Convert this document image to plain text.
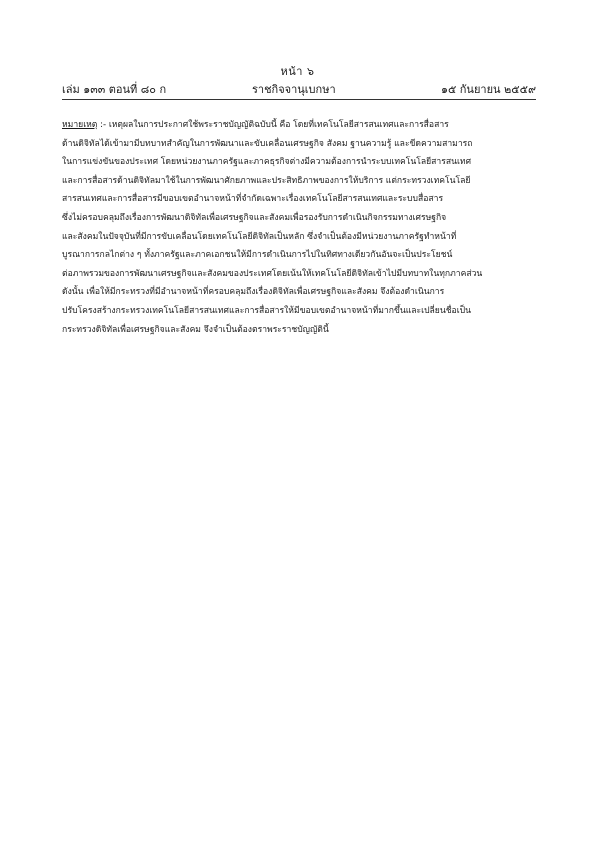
หน้า ๖
เล่ม ๑๓๓ ตอนที่ ๘๐ ก	ราชกิจจานุเบกษา	๑๕ กันยายน ๒๕๕๙
หมายเหตุ :- เหตุผลในการประกาศใช้พระราชบัญญัติฉบับนี้ คือ โดยที่เทคโนโลยีสารสนเทศและการสื่อสาร
ด้านดิจิทัลได้เข้ามามีบทบาทสำคัญในการพัฒนาและขับเคลื่อนเศรษฐกิจ สังคม ฐานความรู้ และขีดความสามารถ
ในการแข่งขันของประเทศ โดยหน่วยงานภาครัฐและภาคธุรกิจต่างมีความต้องการนำระบบเทคโนโลยีสารสนเทศ
และการสื่อสารด้านดิจิทัลมาใช้ในการพัฒนาศักยภาพและประสิทธิภาพของการให้บริการ แต่กระทรวงเทคโนโลยี
สารสนเทศและการสื่อสารมีขอบเขตอำนาจหน้าที่จำกัดเฉพาะเรื่องเทคโนโลยีสารสนเทศและระบบสื่อสาร
ซึ่งไม่ครอบคลุมถึงเรื่องการพัฒนาดิจิทัลเพื่อเศรษฐกิจและสังคมเพื่อรองรับการดำเนินกิจกรรมทางเศรษฐกิจ
และสังคมในปัจจุบันที่มีการขับเคลื่อนโดยเทคโนโลยีดิจิทัลเป็นหลัก ซึ่งจำเป็นต้องมีหน่วยงานภาครัฐทำหน้าที่
บูรณาการกลไกต่าง ๆ ทั้งภาครัฐและภาคเอกชนให้มีการดำเนินการไปในทิศทางเดียวกันอันจะเป็นประโยชน์
ต่อภาพรวมของการพัฒนาเศรษฐกิจและสังคมของประเทศโดยเน้นให้เทคโนโลยีดิจิทัลเข้าไปมีบทบาทในทุกภาคส่วน
ดังนั้น เพื่อให้มีกระทรวงที่มีอำนาจหน้าที่ครอบคลุมถึงเรื่องดิจิทัลเพื่อเศรษฐกิจและสังคม จึงต้องดำเนินการ
ปรับโครงสร้างกระทรวงเทคโนโลยีสารสนเทศและการสื่อสารให้มีขอบเขตอำนาจหน้าที่มากขึ้นและเปลี่ยนชื่อเป็น
กระทรวงดิจิทัลเพื่อเศรษฐกิจและสังคม จึงจำเป็นต้องตราพระราชบัญญัตินี้
